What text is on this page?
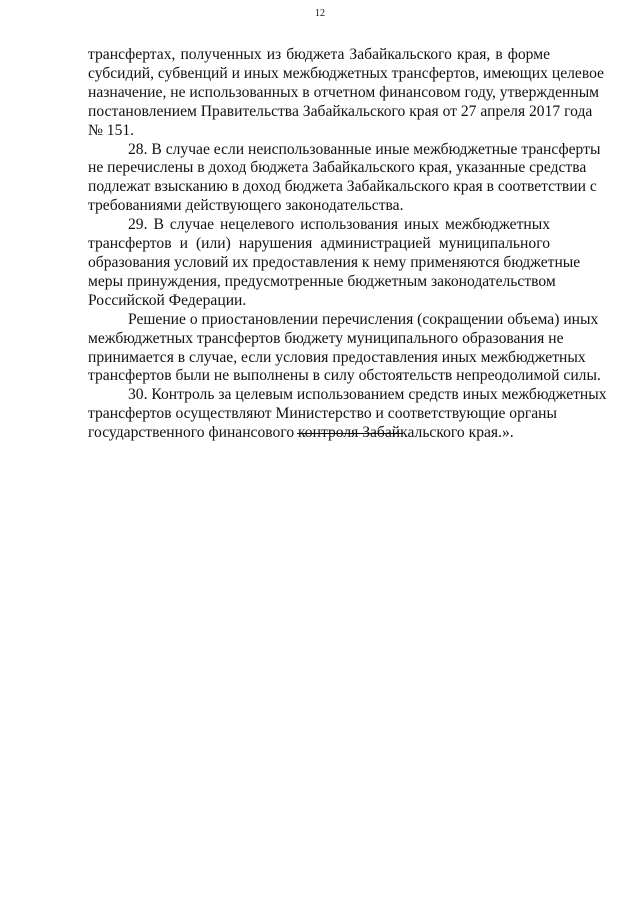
12
трансфертах, полученных из бюджета Забайкальского края, в форме
субсидий, субвенций и иных межбюджетных трансфертов, имеющих целевое
назначение, не использованных в отчетном финансовом году, утвержденным
постановлением Правительства Забайкальского края от 27 апреля 2017 года
№ 151.
28. В случае если неиспользованные иные межбюджетные трансферты
не перечислены в доход бюджета Забайкальского края, указанные средства
подлежат взысканию в доход бюджета Забайкальского края в соответствии с
требованиями действующего законодательства.
29. В случае нецелевого использования иных межбюджетных
трансфертов и (или) нарушения администрацией муниципального
образования условий их предоставления к нему применяются бюджетные
меры принуждения, предусмотренные бюджетным законодательством
Российской Федерации.
Решение о приостановлении перечисления (сокращении объема) иных
межбюджетных трансфертов бюджету муниципального образования не
принимается в случае, если условия предоставления иных межбюджетных
трансфертов были не выполнены в силу обстоятельств непреодолимой силы.
30. Контроль за целевым использованием средств иных межбюджетных
трансфертов осуществляют Министерство и соответствующие органы
государственного финансового контроля Забайкальского края.».
